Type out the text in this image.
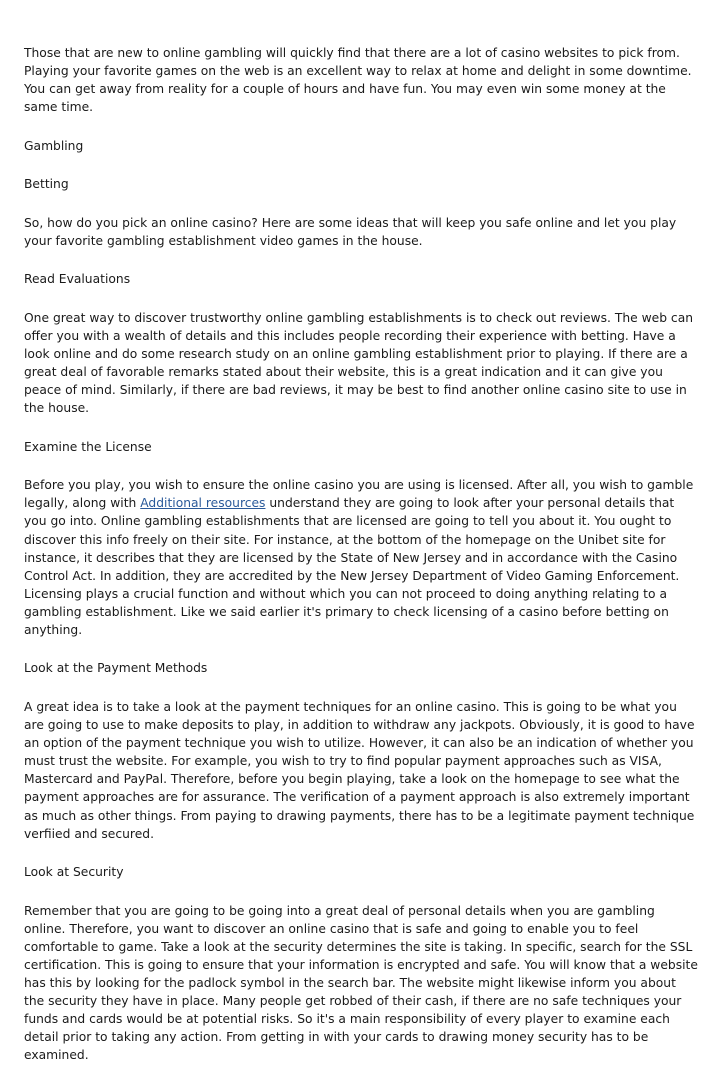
Those that are new to online gambling will quickly find that there are a lot of casino websites to pick from. Playing your favorite games on the web is an excellent way to relax at home and delight in some downtime. You can get away from reality for a couple of hours and have fun. You may even win some money at the same time.

Gambling

Betting

So, how do you pick an online casino? Here are some ideas that will keep you safe online and let you play your favorite gambling establishment video games in the house.

Read Evaluations

One great way to discover trustworthy online gambling establishments is to check out reviews. The web can offer you with a wealth of details and this includes people recording their experience with betting. Have a look online and do some research study on an online gambling establishment prior to playing. If there are a great deal of favorable remarks stated about their website, this is a great indication and it can give you peace of mind. Similarly, if there are bad reviews, it may be best to find another online casino site to use in the house.

Examine the License

Before you play, you wish to ensure the online casino you are using is licensed. After all, you wish to gamble legally, along with Additional resources understand they are going to look after your personal details that you go into. Online gambling establishments that are licensed are going to tell you about it. You ought to discover this info freely on their site. For instance, at the bottom of the homepage on the Unibet site for instance, it describes that they are licensed by the State of New Jersey and in accordance with the Casino Control Act. In addition, they are accredited by the New Jersey Department of Video Gaming Enforcement. Licensing plays a crucial function and without which you can not proceed to doing anything relating to a gambling establishment. Like we said earlier it's primary to check licensing of a casino before betting on anything.

Look at the Payment Methods

A great idea is to take a look at the payment techniques for an online casino. This is going to be what you are going to use to make deposits to play, in addition to withdraw any jackpots. Obviously, it is good to have an option of the payment technique you wish to utilize. However, it can also be an indication of whether you must trust the website. For example, you wish to try to find popular payment approaches such as VISA, Mastercard and PayPal. Therefore, before you begin playing, take a look on the homepage to see what the payment approaches are for assurance. The verification of a payment approach is also extremely important as much as other things. From paying to drawing payments, there has to be a legitimate payment technique verfiied and secured.

Look at Security

Remember that you are going to be going into a great deal of personal details when you are gambling online. Therefore, you want to discover an online casino that is safe and going to enable you to feel comfortable to game. Take a look at the security determines the site is taking. In specific, search for the SSL certification. This is going to ensure that your information is encrypted and safe. You will know that a website has this by looking for the padlock symbol in the search bar. The website might likewise inform you about the security they have in place. Many people get robbed of their cash, if there are no safe techniques your funds and cards would be at potential risks. So it's a main responsibility of every player to examine each detail prior to taking any action. From getting in with your cards to drawing money security has to be examined.
